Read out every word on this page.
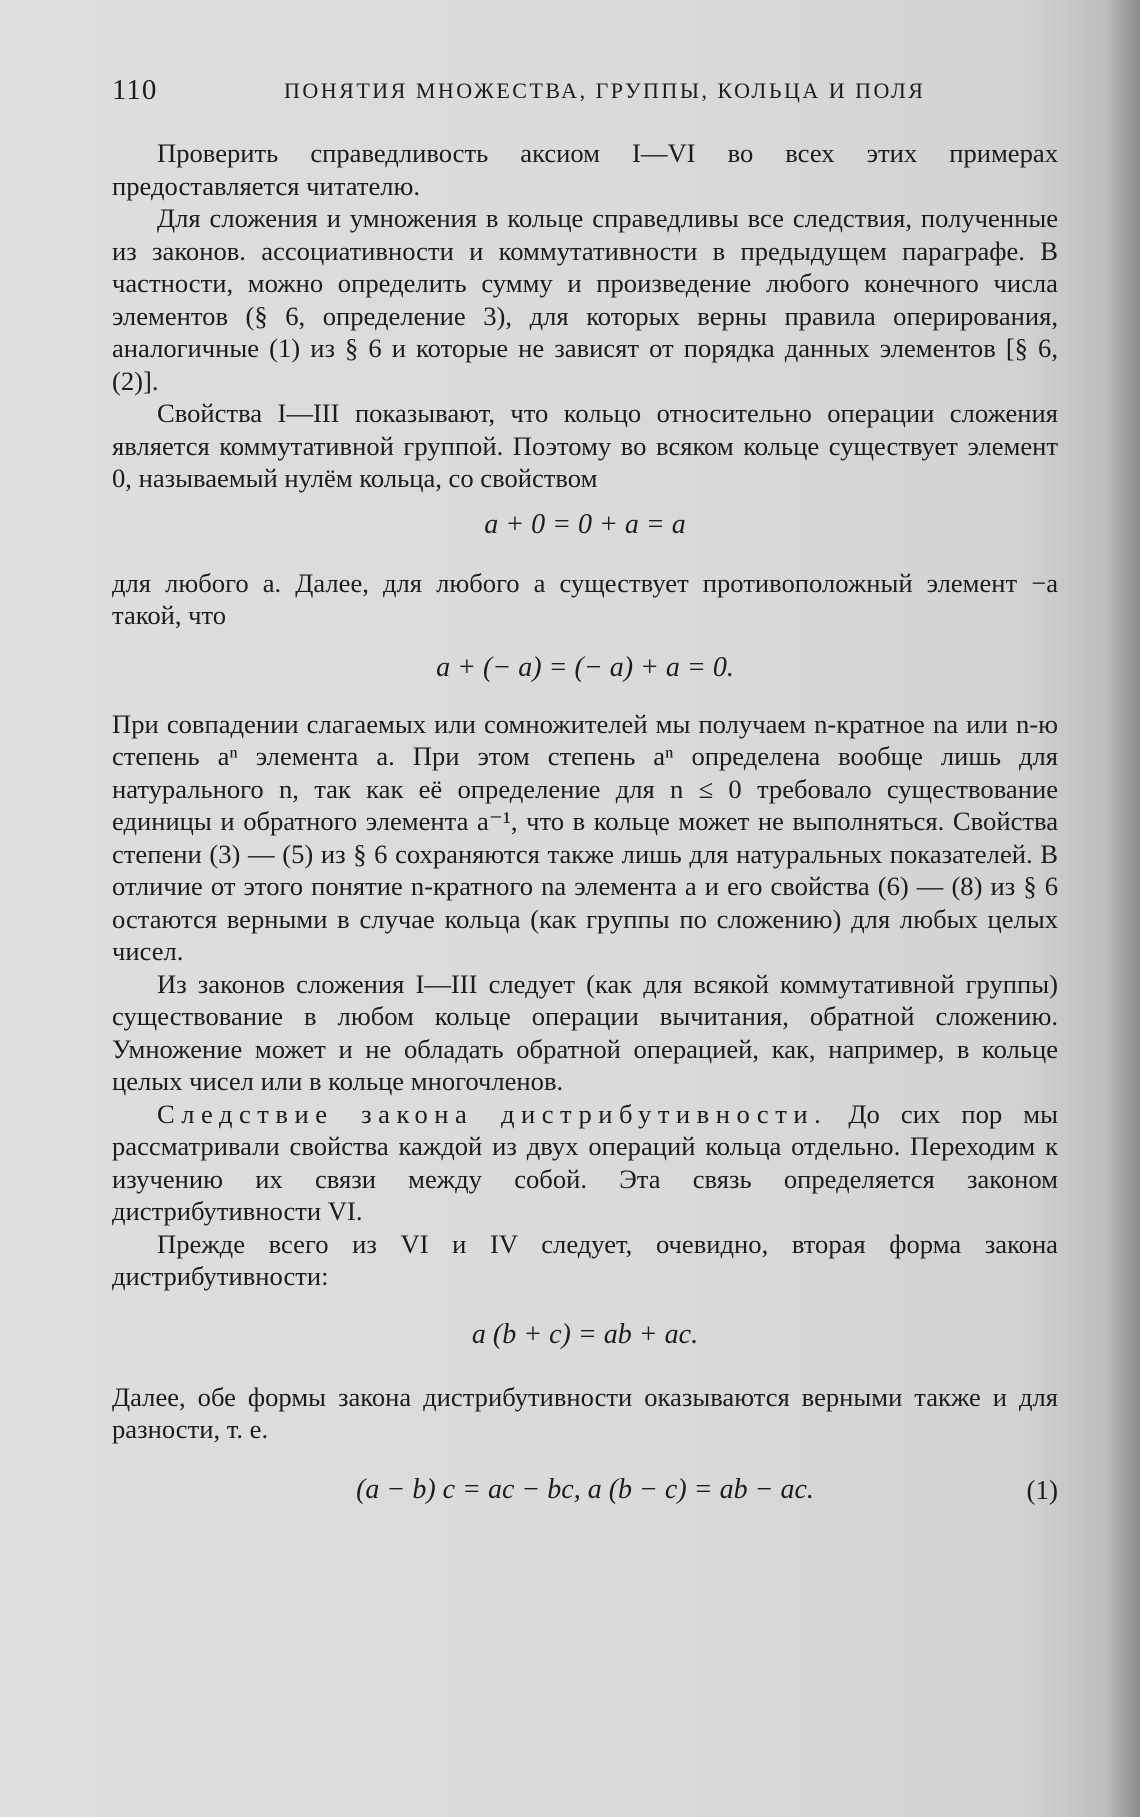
110	ПОНЯТИЯ МНОЖЕСТВА, ГРУППЫ, КОЛЬЦА И ПОЛЯ

Проверить справедливость аксиом I—VI во всех этих примерах предоставляется читателю.

Для сложения и умножения в кольце справедливы все следствия, полученные из законов. ассоциативности и коммутативности в предыдущем параграфе. В частности, можно определить сумму и произведение любого конечного числа элементов (§ 6, определение 3), для которых верны правила оперирования, аналогичные (1) из § 6 и которые не зависят от порядка данных элементов [§ 6, (2)].

Свойства I—III показывают, что кольцо относительно операции сложения является коммутативной группой. Поэтому во всяком кольце существует элемент 0, называемый нулём кольца, со свойством

a + 0 = 0 + a = a

для любого a. Далее, для любого a существует противоположный элемент −a такой, что

a + (− a) = (− a) + a = 0.

При совпадении слагаемых или сомножителей мы получаем n-кратное na или n-ю степень aⁿ элемента a. При этом степень aⁿ определена вообще лишь для натурального n, так как её определение для n ≤ 0 требовало существование единицы и обратного элемента a⁻¹, что в кольце может не выполняться. Свойства степени (3) — (5) из § 6 сохраняются также лишь для натуральных показателей. В отличие от этого понятие n-кратного na элемента a и его свойства (6) — (8) из § 6 остаются верными в случае кольца (как группы по сложению) для любых целых чисел.

Из законов сложения I—III следует (как для всякой коммутативной группы) существование в любом кольце операции вычитания, обратной сложению. Умножение может и не обладать обратной операцией, как, например, в кольце целых чисел или в кольце многочленов.

Следствие закона дистрибутивности. До сих пор мы рассматривали свойства каждой из двух операций кольца отдельно. Переходим к изучению их связи между собой. Эта связь определяется законом дистрибутивности VI.

Прежде всего из VI и IV следует, очевидно, вторая форма закона дистрибутивности:

a (b + c) = ab + ac.

Далее, обе формы закона дистрибутивности оказываются верными также и для разности, т. е.

(a − b) c = ac − bc, a (b − c) = ab − ac.	(1)
